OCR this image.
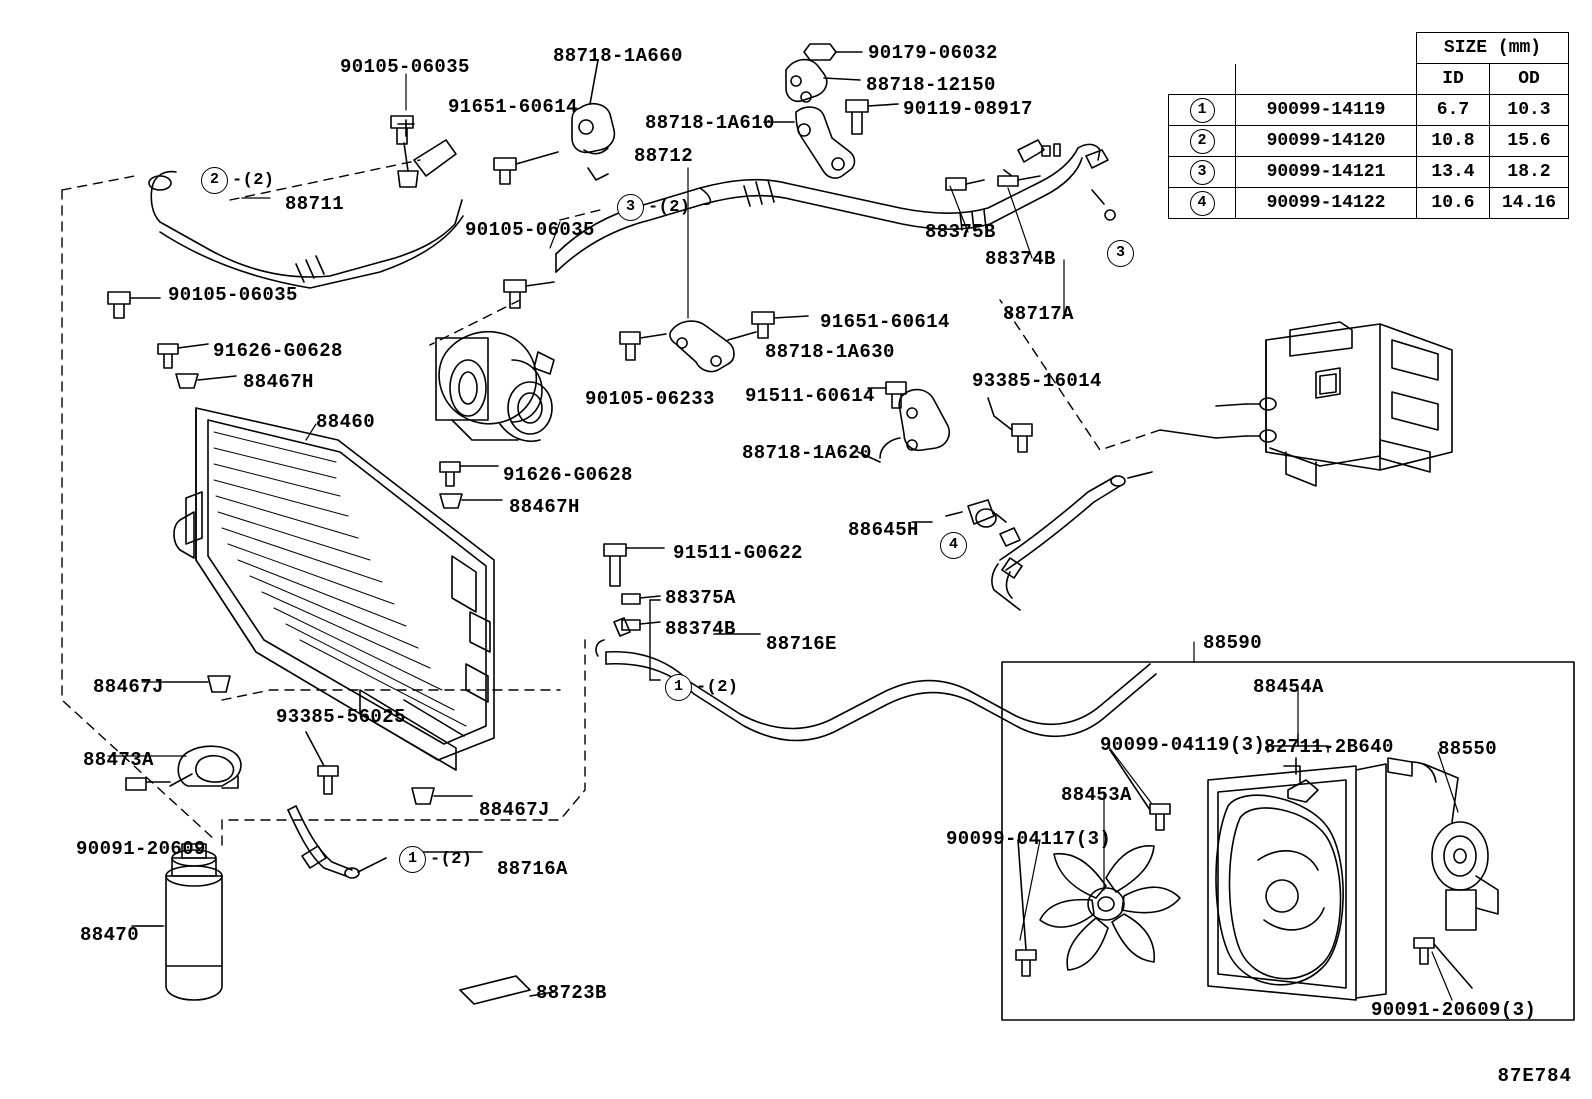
		SIZE (mm)	
		ID	OD
1	90099-14119	6.7	10.3
2	90099-14120	10.8	15.6
3	90099-14121	13.4	18.2
4	90099-14122	10.6	14.16
90105-06035	88718-1A660	90179-06032
91651-60614
88718-12150
88718-1A610
90119-08917
88712
88711
90105-06035	88375B
88374B
90105-06035
88717A
91651-60614
91626-G0628	88718-1A630
88467H
90105-06233 91511-60614
93385-16014
88460
88718-1A620
91626-G0628
88467H
88645H
91511-G0622
88375A
88374B
88716E	88590
88467J	88454A
93385-56025
90099-04119(3)
82711-2B640 88550
88473A
88453A
88467J
90091-20609	90099-04117(3)
88716A
88470
88723B
90091-20609(3)
2 -(2)
3 -(2)
3
4
1 -(2)
1 -(2)
87E784
